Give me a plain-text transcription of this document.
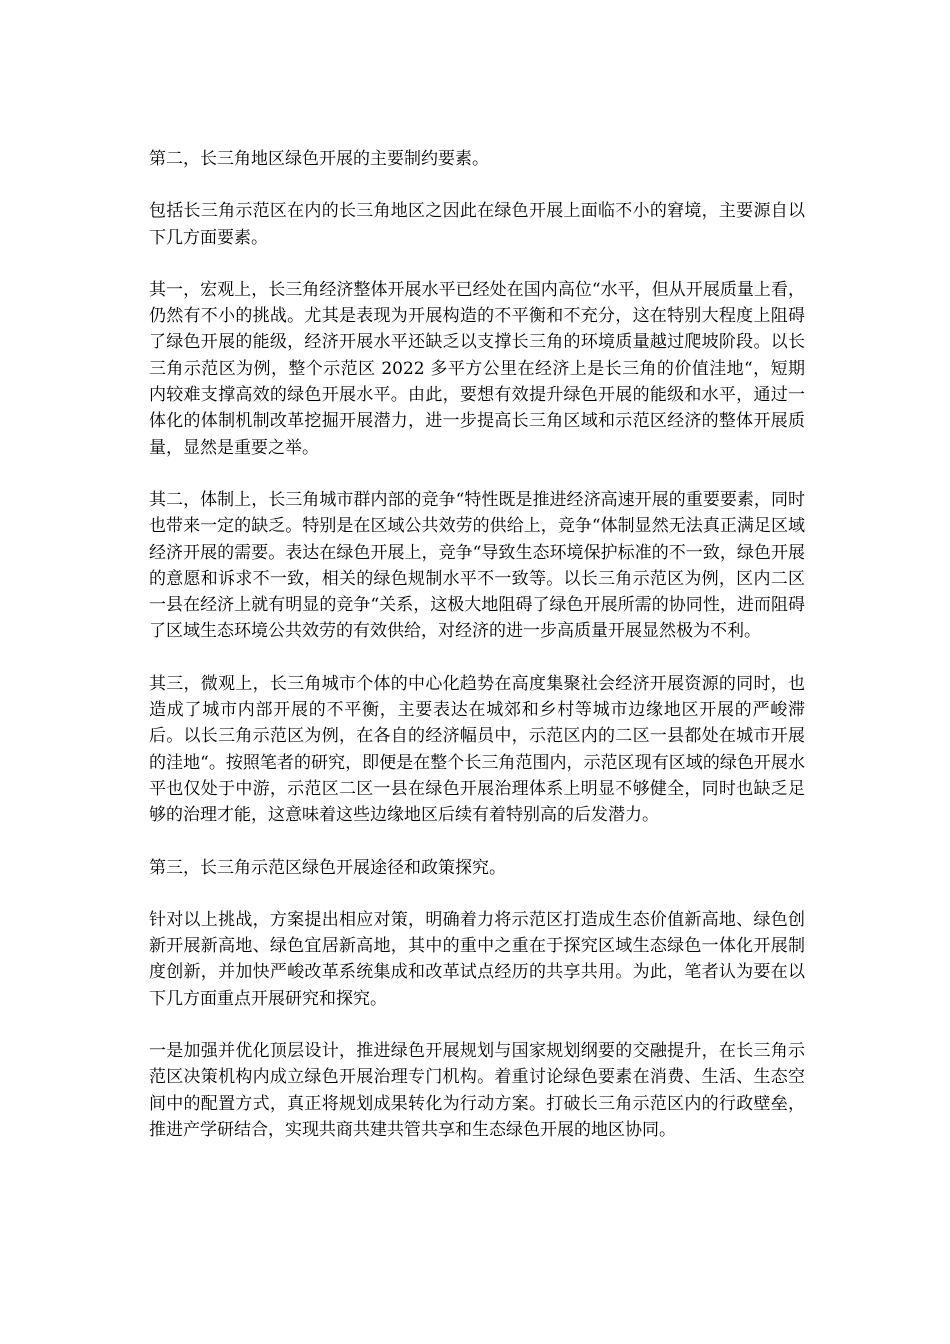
第二，长三角地区绿色开展的主要制约要素。

包括长三角示范区在内的长三角地区之因此在绿色开展上面临不小的窘境，主要源自以下几方面要素。

其一，宏观上，长三角经济整体开展水平已经处在国内高位“水平，但从开展质量上看，仍然有不小的挑战。尤其是表现为开展构造的不平衡和不充分，这在特别大程度上阻碍了绿色开展的能级，经济开展水平还缺乏以支撑长三角的环境质量越过爬坡阶段。以长三角示范区为例，整个示范区 2022 多平方公里在经济上是长三角的价值洼地“，短期内较难支撑高效的绿色开展水平。由此，要想有效提升绿色开展的能级和水平，通过一体化的体制机制改革挖掘开展潜力，进一步提高长三角区域和示范区经济的整体开展质量，显然是重要之举。

其二，体制上，长三角城市群内部的竞争“特性既是推进经济高速开展的重要要素，同时也带来一定的缺乏。特别是在区域公共效劳的供给上，竞争“体制显然无法真正满足区域经济开展的需要。表达在绿色开展上，竞争“导致生态环境保护标准的不一致，绿色开展的意愿和诉求不一致，相关的绿色规制水平不一致等。以长三角示范区为例，区内二区一县在经济上就有明显的竞争“关系，这极大地阻碍了绿色开展所需的协同性，进而阻碍了区域生态环境公共效劳的有效供给，对经济的进一步高质量开展显然极为不利。

其三，微观上，长三角城市个体的中心化趋势在高度集聚社会经济开展资源的同时，也造成了城市内部开展的不平衡，主要表达在城郊和乡村等城市边缘地区开展的严峻滞后。以长三角示范区为例，在各自的经济幅员中，示范区内的二区一县都处在城市开展的洼地“。按照笔者的研究，即便是在整个长三角范围内，示范区现有区域的绿色开展水平也仅处于中游，示范区二区一县在绿色开展治理体系上明显不够健全，同时也缺乏足够的治理才能，这意味着这些边缘地区后续有着特别高的后发潜力。

第三，长三角示范区绿色开展途径和政策探究。

针对以上挑战，方案提出相应对策，明确着力将示范区打造成生态价值新高地、绿色创新开展新高地、绿色宜居新高地，其中的重中之重在于探究区域生态绿色一体化开展制度创新，并加快严峻改革系统集成和改革试点经历的共享共用。为此，笔者认为要在以下几方面重点开展研究和探究。

一是加强并优化顶层设计，推进绿色开展规划与国家规划纲要的交融提升，在长三角示范区决策机构内成立绿色开展治理专门机构。着重讨论绿色要素在消费、生活、生态空间中的配置方式，真正将规划成果转化为行动方案。打破长三角示范区内的行政壁垒，推进产学研结合，实现共商共建共管共享和生态绿色开展的地区协同。
